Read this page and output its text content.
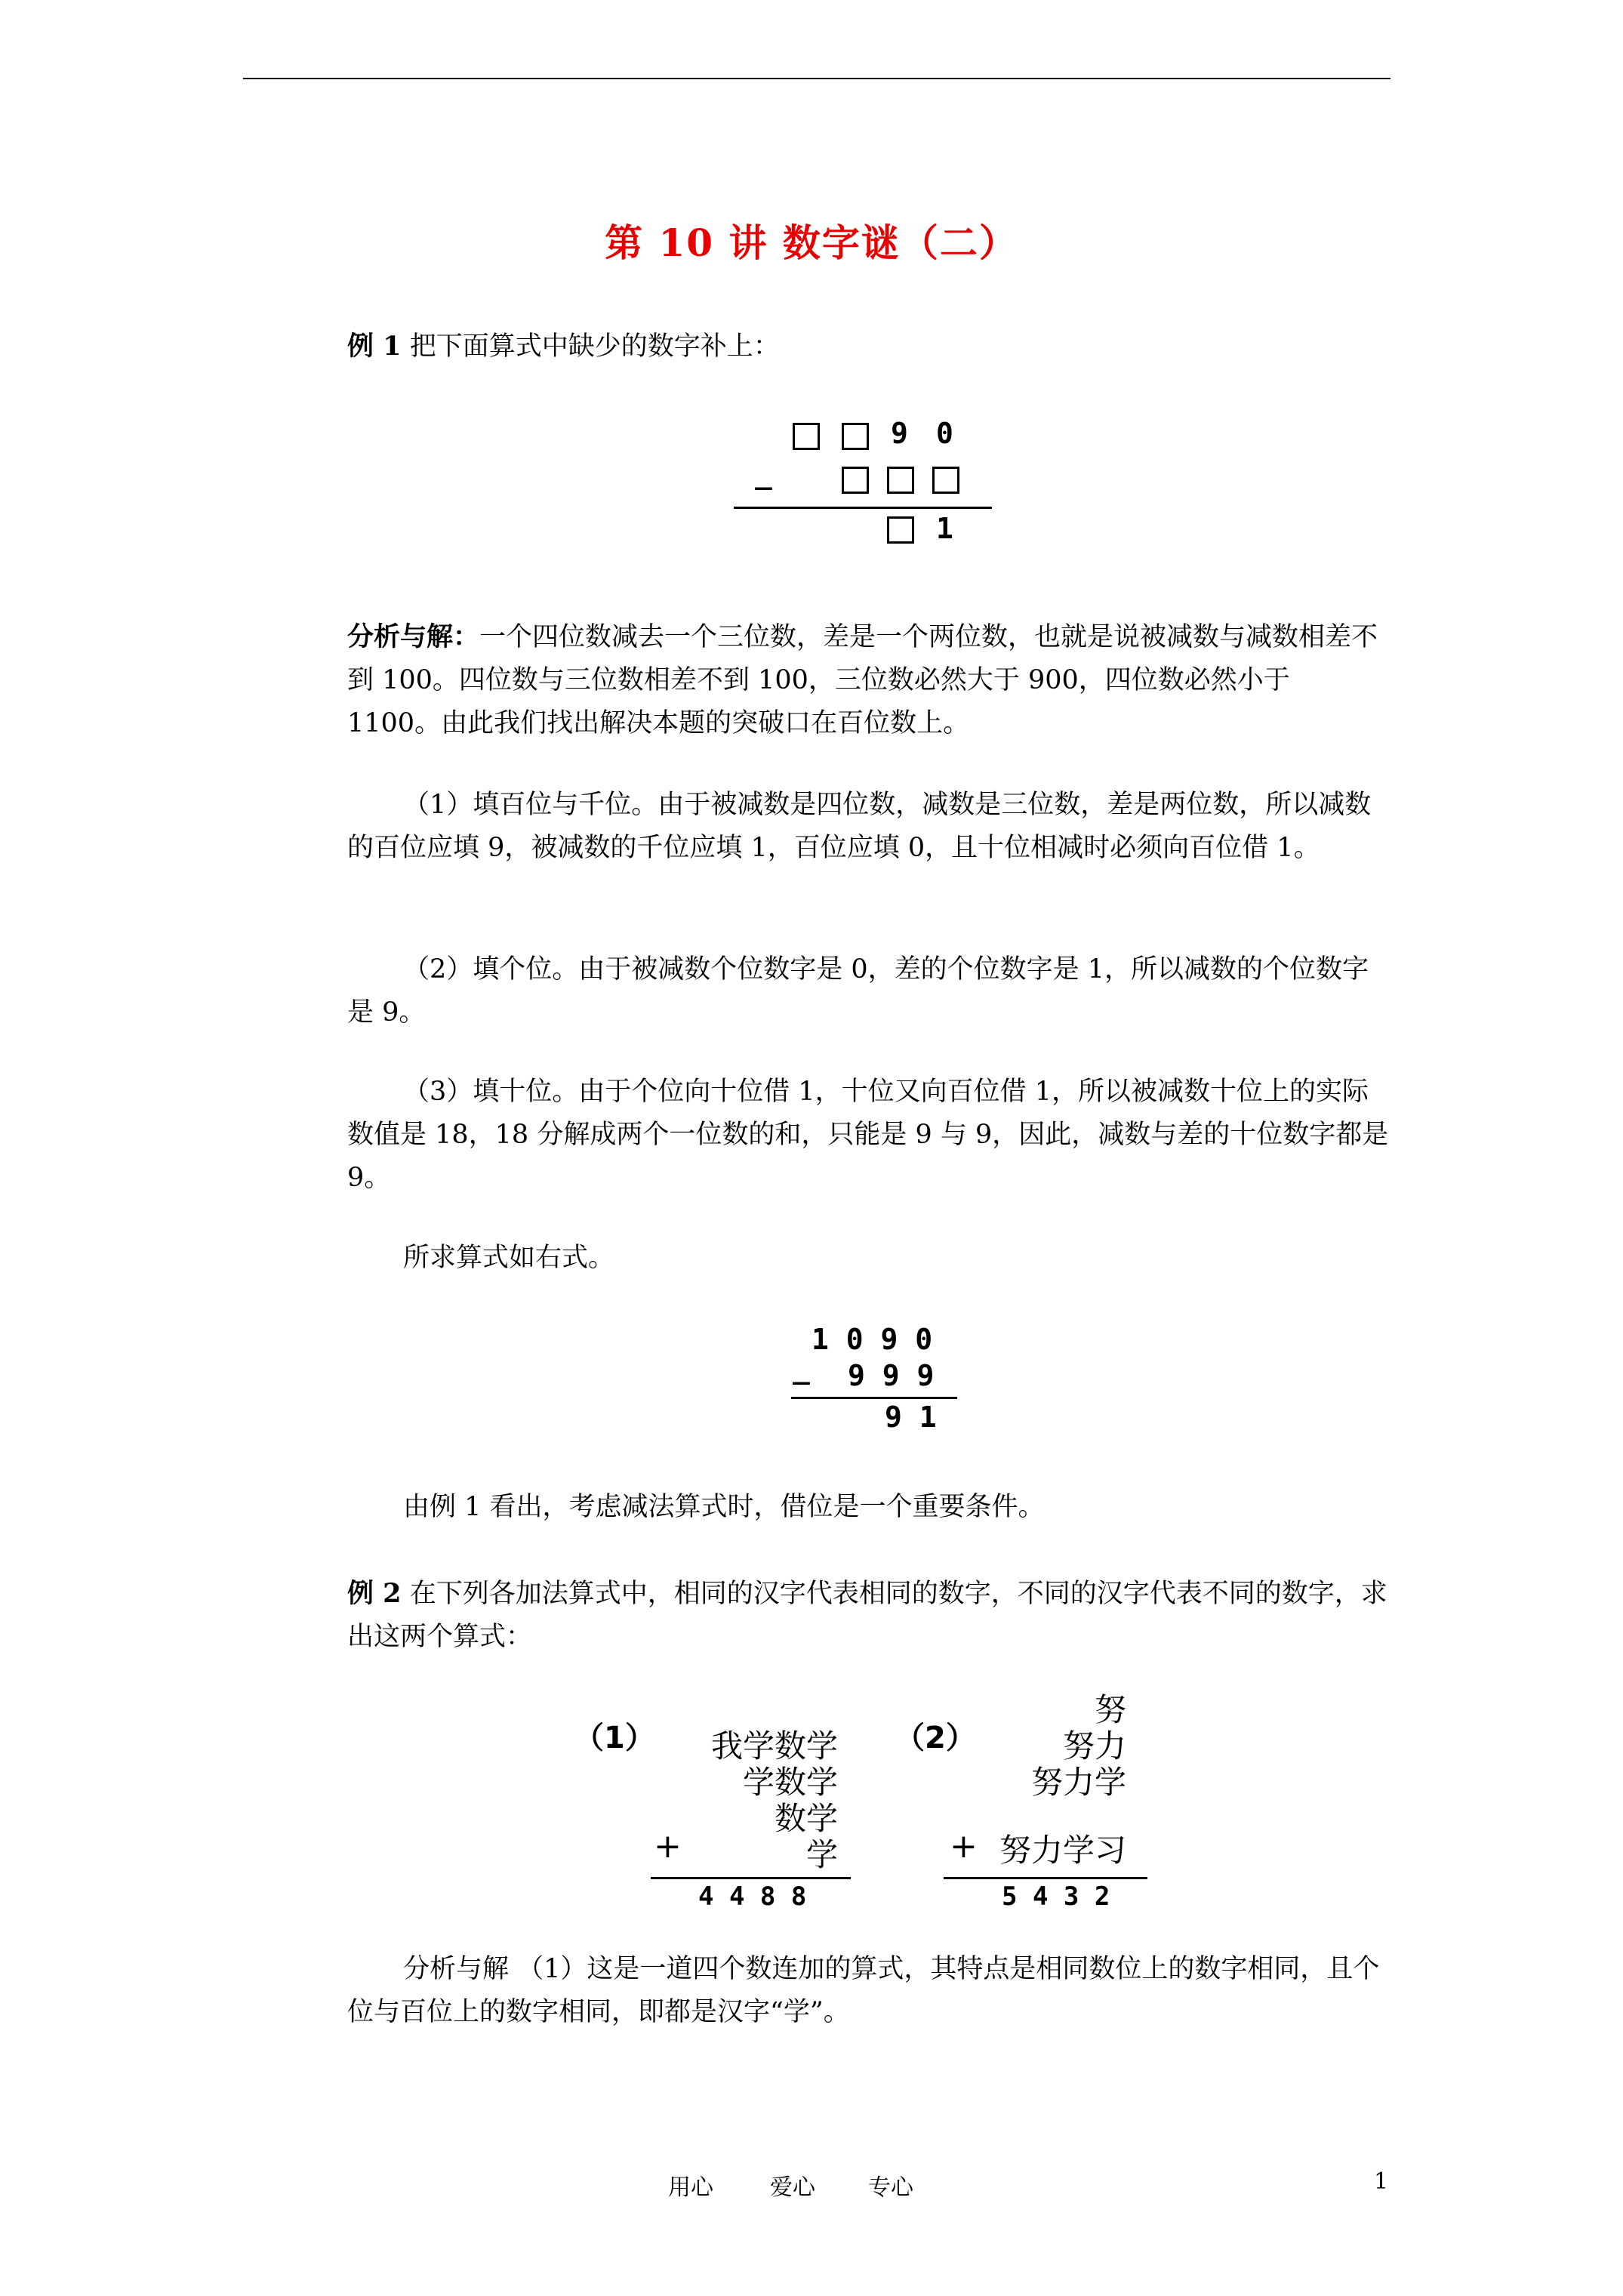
第 10 讲 数字谜（二）

例 1 把下面算式中缺少的数字补上：

9 0
_
1

分析与解：一个四位数减去一个三位数，差是一个两位数，也就是说被减数与减数相差不到 100。四位数与三位数相差不到 100，三位数必然大于 900，四位数必然小于 1100。由此我们找出解决本题的突破口在百位数上。

（1）填百位与千位。由于被减数是四位数，减数是三位数，差是两位数，所以减数的百位应填 9，被减数的千位应填 1，百位应填 0，且十位相减时必须向百位借 1。

（2）填个位。由于被减数个位数字是 0，差的个位数字是 1，所以减数的个位数字是 9。

（3）填十位。由于个位向十位借 1，十位又向百位借 1，所以被减数十位上的实际数值是 18，18 分解成两个一位数的和，只能是 9 与 9，因此，减数与差的十位数字都是 9。

所求算式如右式。

1 0 9 0
_ 9 9 9
9 1

由例 1 看出，考虑减法算式时，借位是一个重要条件。

例 2 在下列各加法算式中，相同的汉字代表相同的数字，不同的汉字代表不同的数字，求出这两个算式：

（1） 我学数学
学数学
数学
学
+
4 4 8 8
（2）
努
努力
努力学
努力学习
+
5 4 3 2

分析与解 （1）这是一道四个数连加的算式，其特点是相同数位上的数字相同，且个位与百位上的数字相同，即都是汉字“学”。

用心	爱心 专心	1
